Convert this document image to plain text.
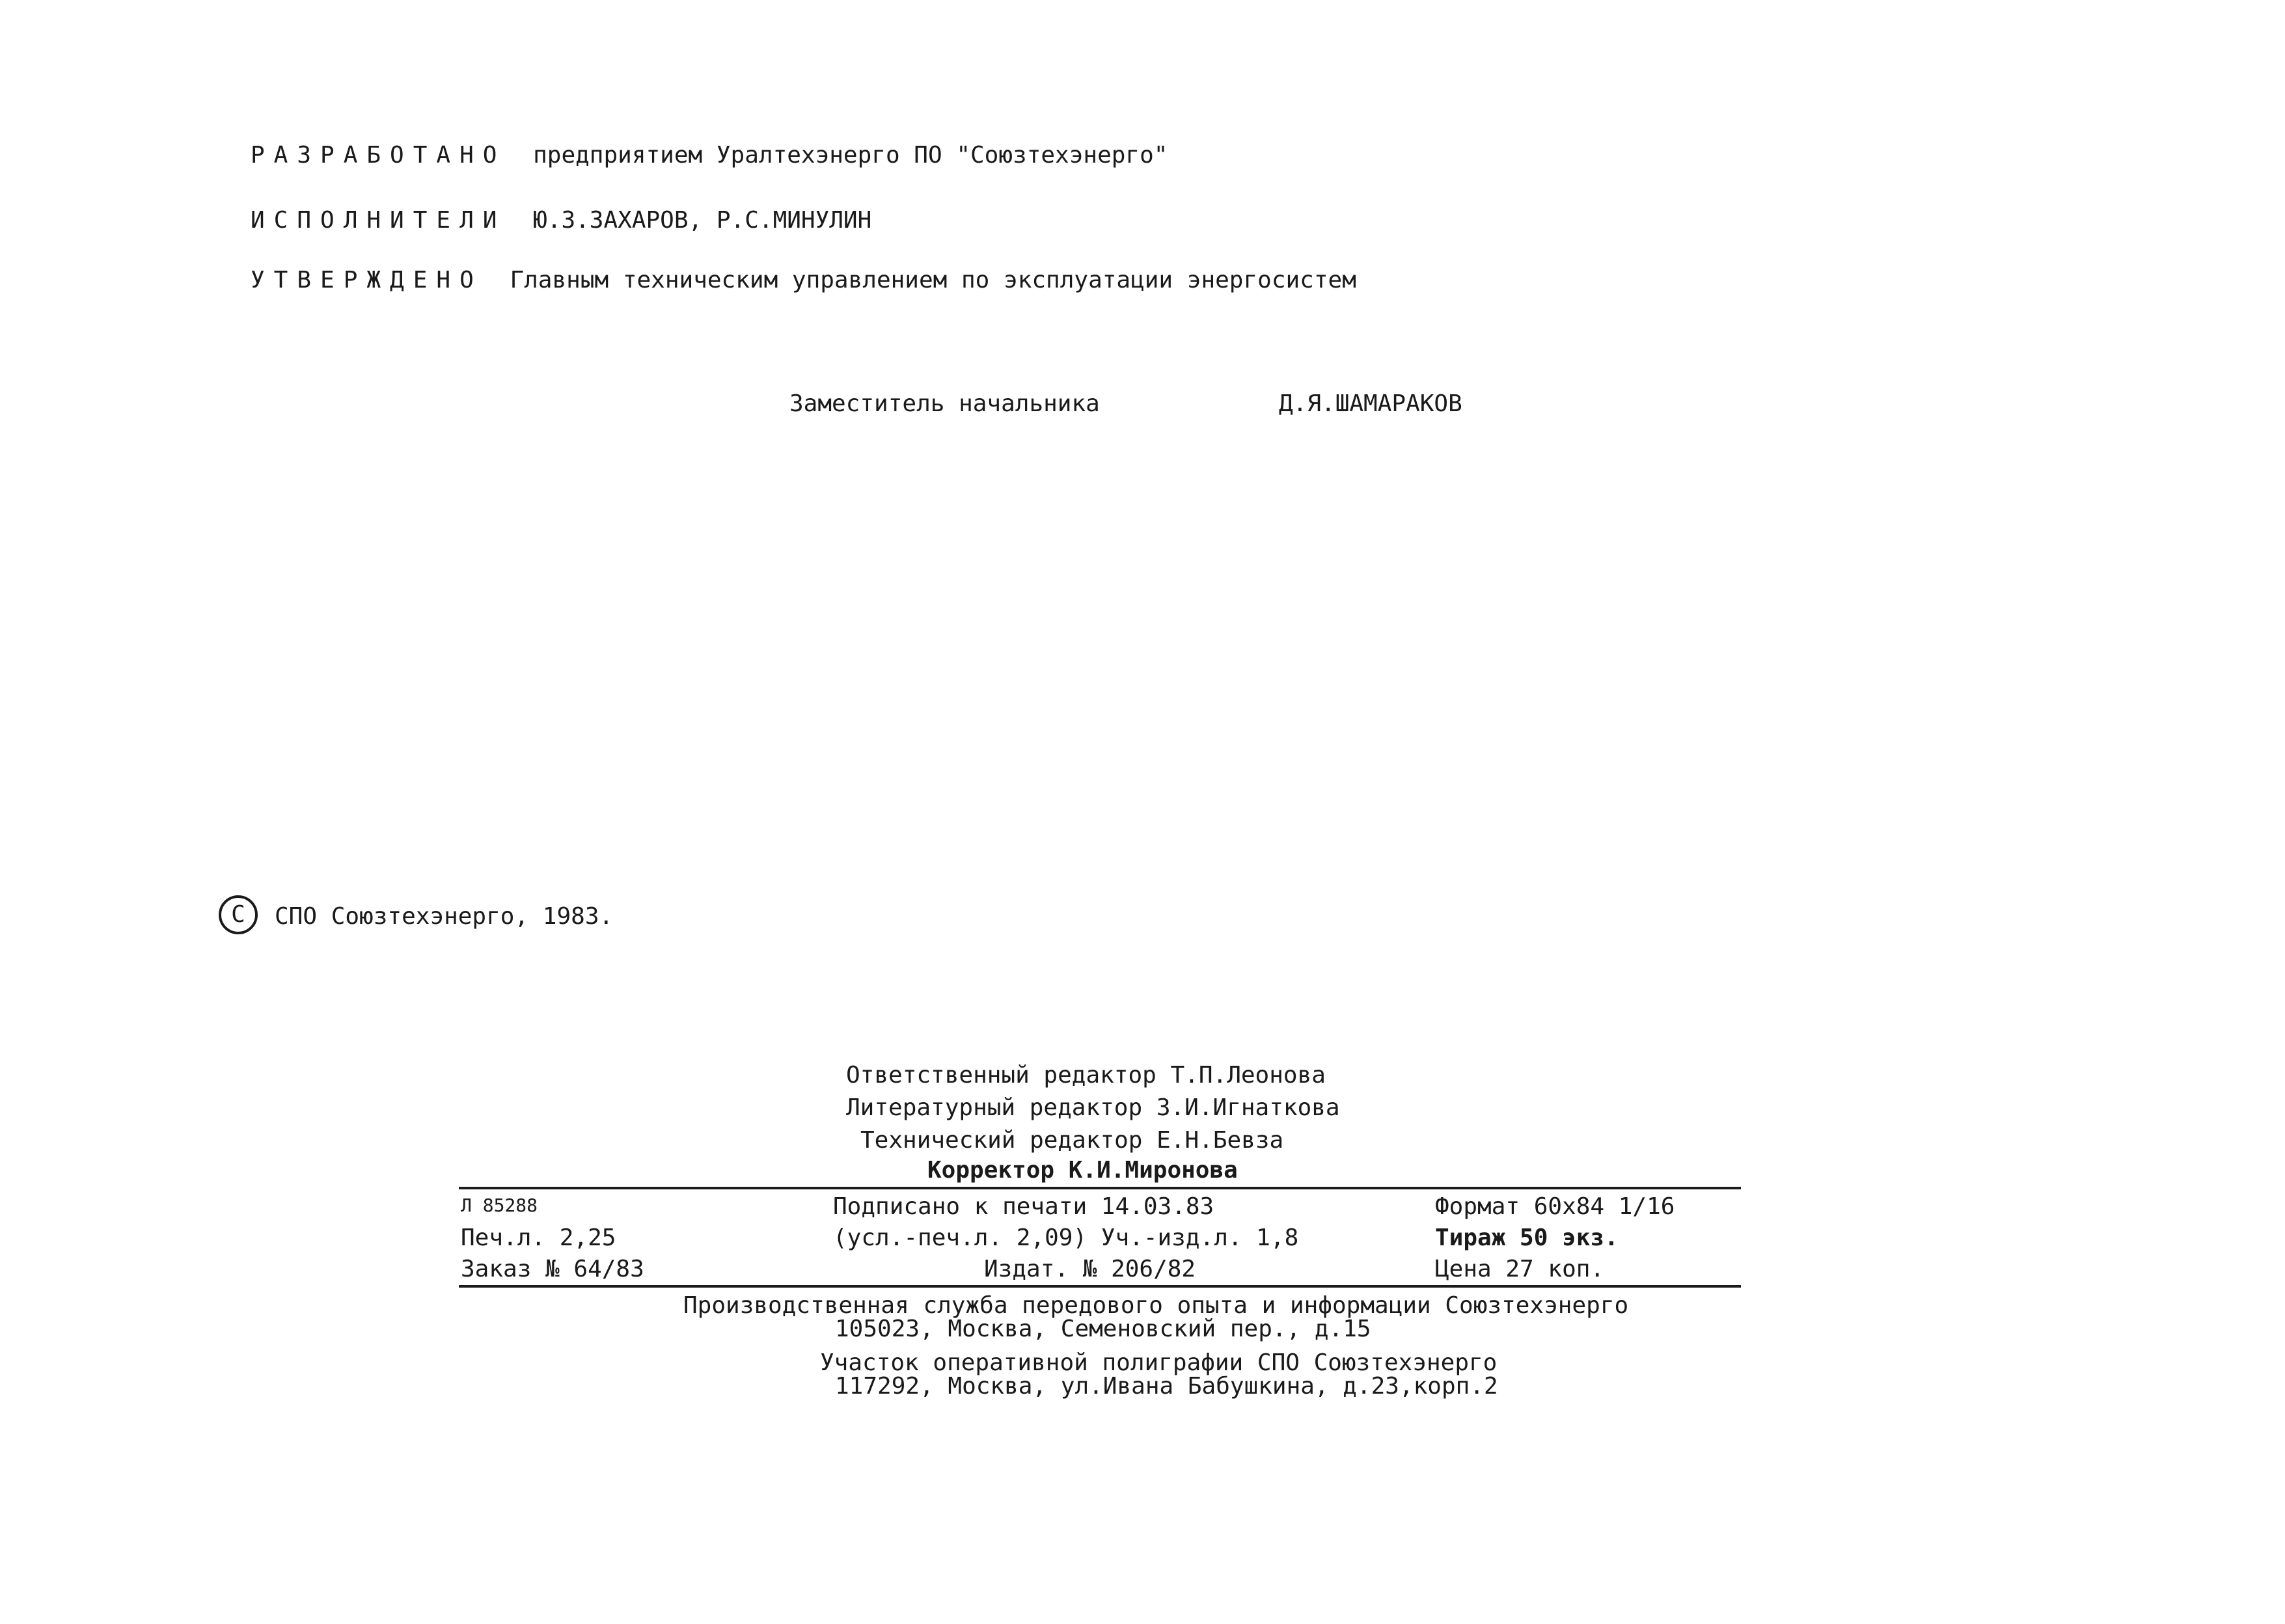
РАЗРАБОТАНО предприятием Уралтехэнерго ПО "Союзтехэнерго"
ИСПОЛНИТЕЛИ Ю.З.ЗАХАРОВ, Р.С.МИНУЛИН
УТВЕРЖДЕНО Главным техническим управлением по эксплуатации энергосистем
Заместитель начальника	Д.Я.ШАМАРАКОВ
С	СПО Союзтехэнерго, 1983.
Ответственный редактор Т.П.Леонова
Литературный редактор З.И.Игнаткова
Технический редактор Е.Н.Бевза
Корректор К.И.Миронова
Л 85288	Подписано к печати 14.03.83	Формат 60х84 1/16
Печ.л. 2,25	(усл.-печ.л. 2,09) Уч.-изд.л. 1,8	Тираж 50 экз.
Заказ № 64/83	Издат. № 206/82	Цена 27 коп.
Производственная служба передового опыта и информации Союзтехэнерго
105023, Москва, Семеновский пер., д.15
Участок оперативной полиграфии СПО Союзтехэнерго
117292, Москва, ул.Ивана Бабушкина, д.23,корп.2
